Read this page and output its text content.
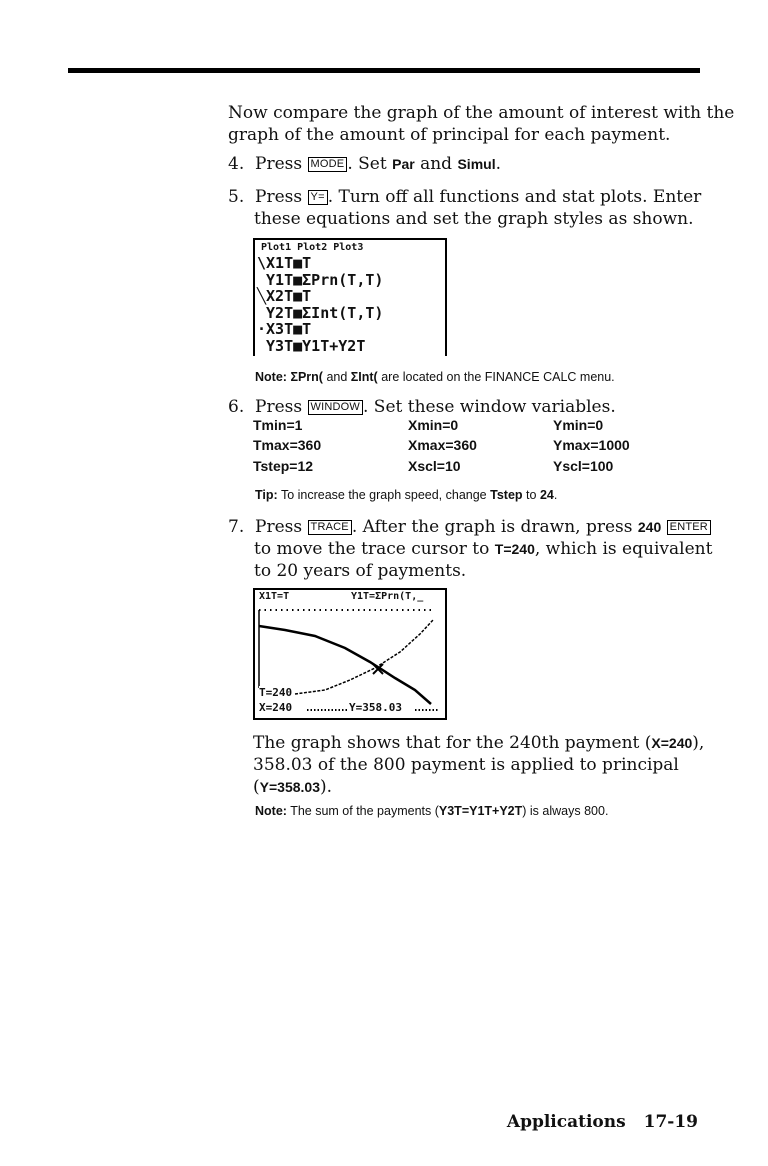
Now compare the graph of the amount of interest with the
graph of the amount of principal for each payment.
4. Press MODE . Set Par and Simul.
5. Press Y= . Turn off all functions and stat plots. Enter
these equations and set the graph styles as shown.
Plot1 Plot2 Plot3
\X1T■T
Y1T■ΣPrn(T,T)
╲X2T■T
Y2T■ΣInt(T,T)
·X3T■T
Y3T■Y1T+Y2T
Note: ΣPrn( and ΣInt( are located on the FINANCE CALC menu.
6. Press WINDOW . Set these window variables.
Tmin=1	Xmin=0	Ymin=0
Tmax=360	Xmax=360	Ymax=1000
Tstep=12	Xscl=10	Yscl=100
Tip: To increase the graph speed, change Tstep to 24.
7. Press TRACE . After the graph is drawn, press 240 ENTER
to move the trace cursor to T=240, which is equivalent
to 20 years of payments.
X1T=T	Y1T=ΣPrn(T,_
T=240
X=240	Y=358.03
The graph shows that for the 240th payment (X=240),
358.03 of the 800 payment is applied to principal
(Y=358.03).
Note: The sum of the payments (Y3T=Y1T+Y2T) is always 800.
Applications 17-19
